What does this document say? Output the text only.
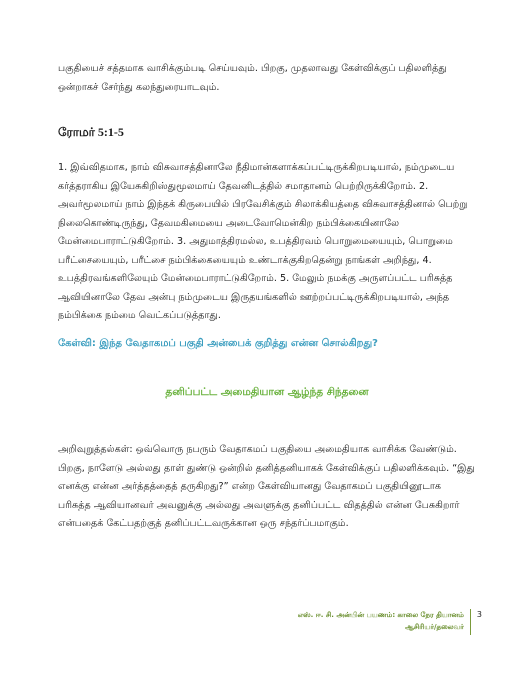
பகுதியைச் சத்தமாக வாசிக்கும்படி செய்யவும். பிறகு, முதலாவது கேள்விக்குப் பதிலளித்து ஒன்றாகச் சேர்ந்து கலந்துரையாடவும்.
ரோமர் 5:1-5
1. இவ்விதமாக, நாம் விசுவாசத்தினாலே நீதிமான்களாக்கப்பட்டிருக்கிறபடியால், நம்முடைய கர்த்தராகிய இயேசுகிறிஸ்துமூலமாய் தேவனிடத்தில் சமாதானம் பெற்றிருக்கிறோம். 2. அவர்மூலமாய் நாம் இந்தக் கிருபையில் பிரவேசிக்கும் சிலாக்கியத்தை விசுவாசத்தினால் பெற்று நிலைகொண்டிருந்து, தேவமகிமையை அடைவோமென்கிற நம்பிக்கையினாலே மேன்மைபாராட்டுகிறோம். 3. அதுமாத்திரமல்ல, உபத்திரவம் பொறுமையையும், பொறுமை பரீட்சையையும், பரீட்சை நம்பிக்கையையும் உண்டாக்குகிறதென்று நாங்கள் அறிந்து, 4. உபத்திரவங்களிலேயும் மேன்மைபாராட்டுகிறோம். 5. மேலும் நமக்கு அருளப்பட்ட பரிசுத்த ஆவியினாலே தேவ அன்பு நம்முடைய இருதயங்களில் ஊற்றப்பட்டிருக்கிறபடியால், அந்த நம்பிக்கை நம்மை வெட்கப்படுத்தாது.
கேள்வி: இந்த வேதாகமப் பகுதி அன்பைக் குறித்து என்ன சொல்கிறது?
தனிப்பட்ட அமைதியான ஆழ்ந்த சிந்தனை
அறிவுறுத்தல்கள்: ஒவ்வொரு நபரும் வேதாகமப் பகுதியை அமைதியாக வாசிக்க வேண்டும். பிறகு, நாளேடு அல்லது தாள் துண்டு ஒன்றில் தனித்தனியாகக் கேள்விக்குப் பதிலளிக்கவும். “இது எனக்கு என்ன அர்த்தத்தைத் தருகிறது?” என்ற கேள்வியானது வேதாகமப் பகுதியினூடாக பரிசுத்த ஆவியானவர் அவனுக்கு அல்லது அவளுக்கு தனிப்பட்ட விதத்தில் என்ன பேசுகிறார் என்பதைக் கேட்பதற்குத் தனிப்பட்டவருக்கான ஒரு சந்தர்ப்பமாகும்.
எஸ். ஈ. சி. அன்பின் பயணம்: காலை நேர தியானம்
ஆசிரியர்/தலைவர்
3
